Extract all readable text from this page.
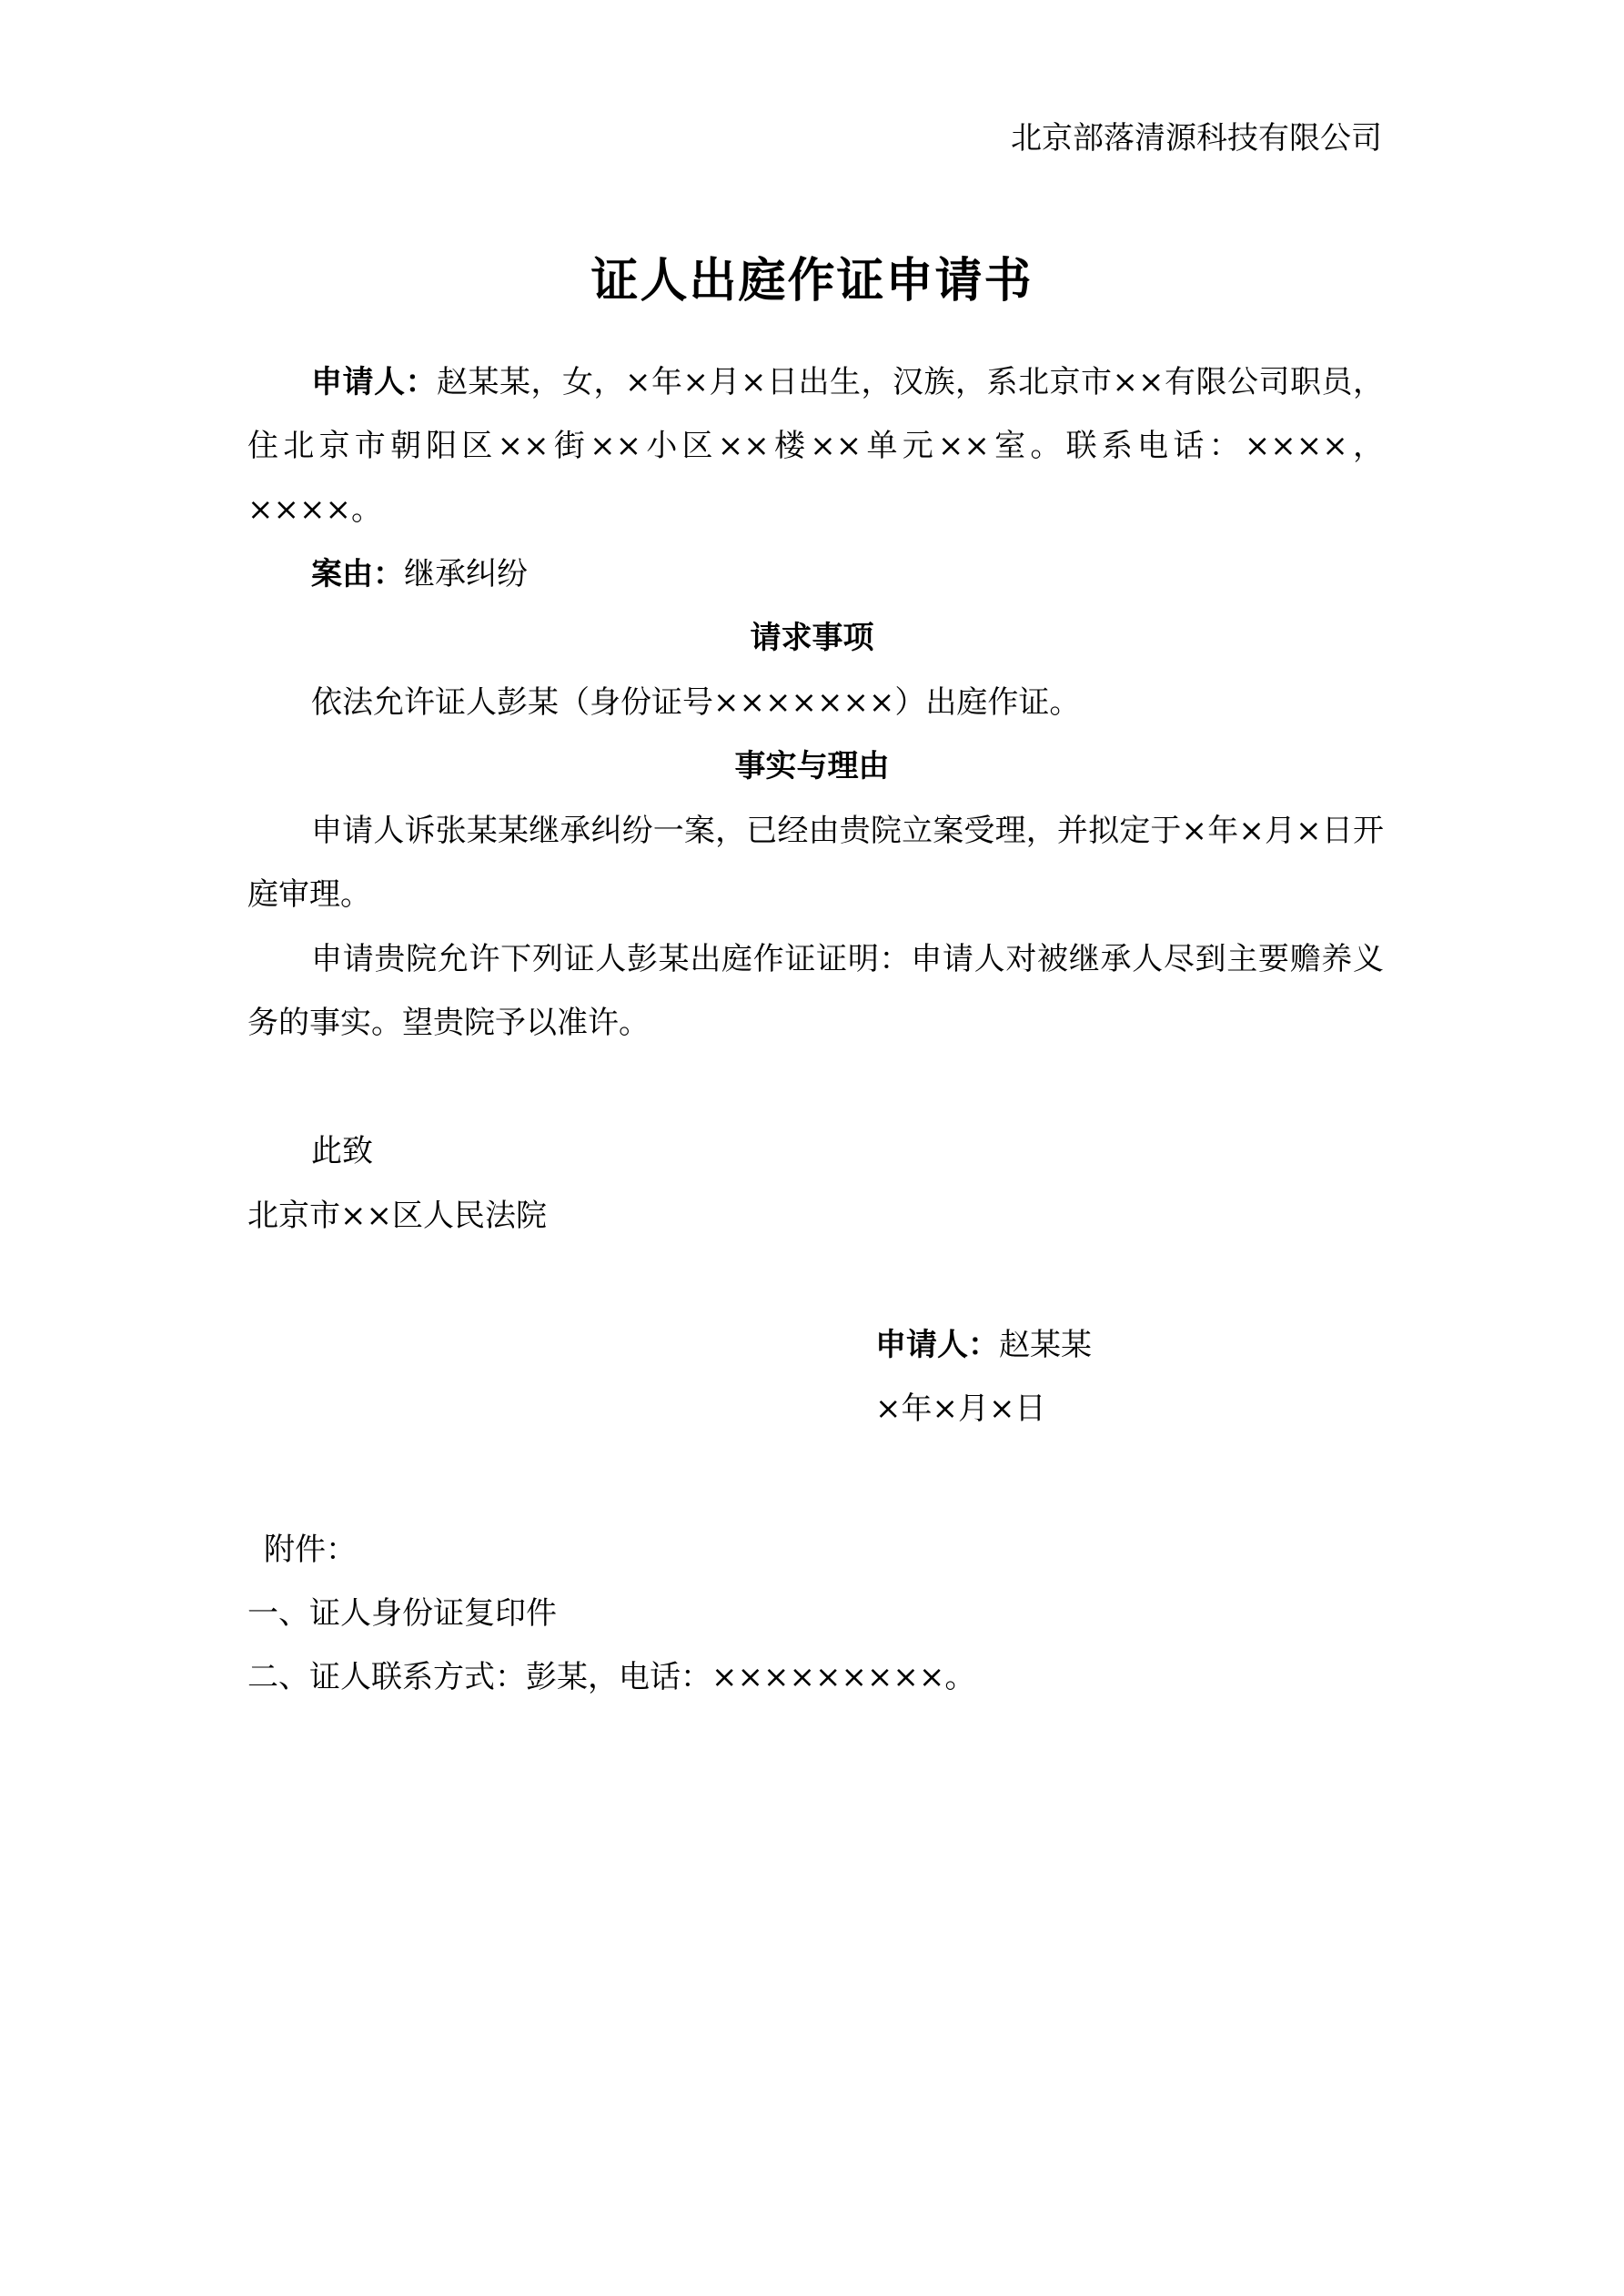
北京部落清源科技有限公司
证人出庭作证申请书
申请人：赵某某，女，×年×月×日出生，汉族，系北京市××有限公司职员，住北京市朝阳区××街××小区××楼××单元××室。联系电话：××××，××××。
案由：继承纠纷
请求事项
依法允许证人彭某（身份证号×××××××）出庭作证。
事实与理由
申请人诉张某某继承纠纷一案，已经由贵院立案受理，并拟定于×年×月×日开庭审理。
申请贵院允许下列证人彭某出庭作证证明：申请人对被继承人尽到主要赡养义务的事实。望贵院予以准许。
此致
北京市××区人民法院
申请人：赵某某
×年×月×日
附件：
一、证人身份证复印件
二、证人联系方式：彭某，电话：×××××××××。
